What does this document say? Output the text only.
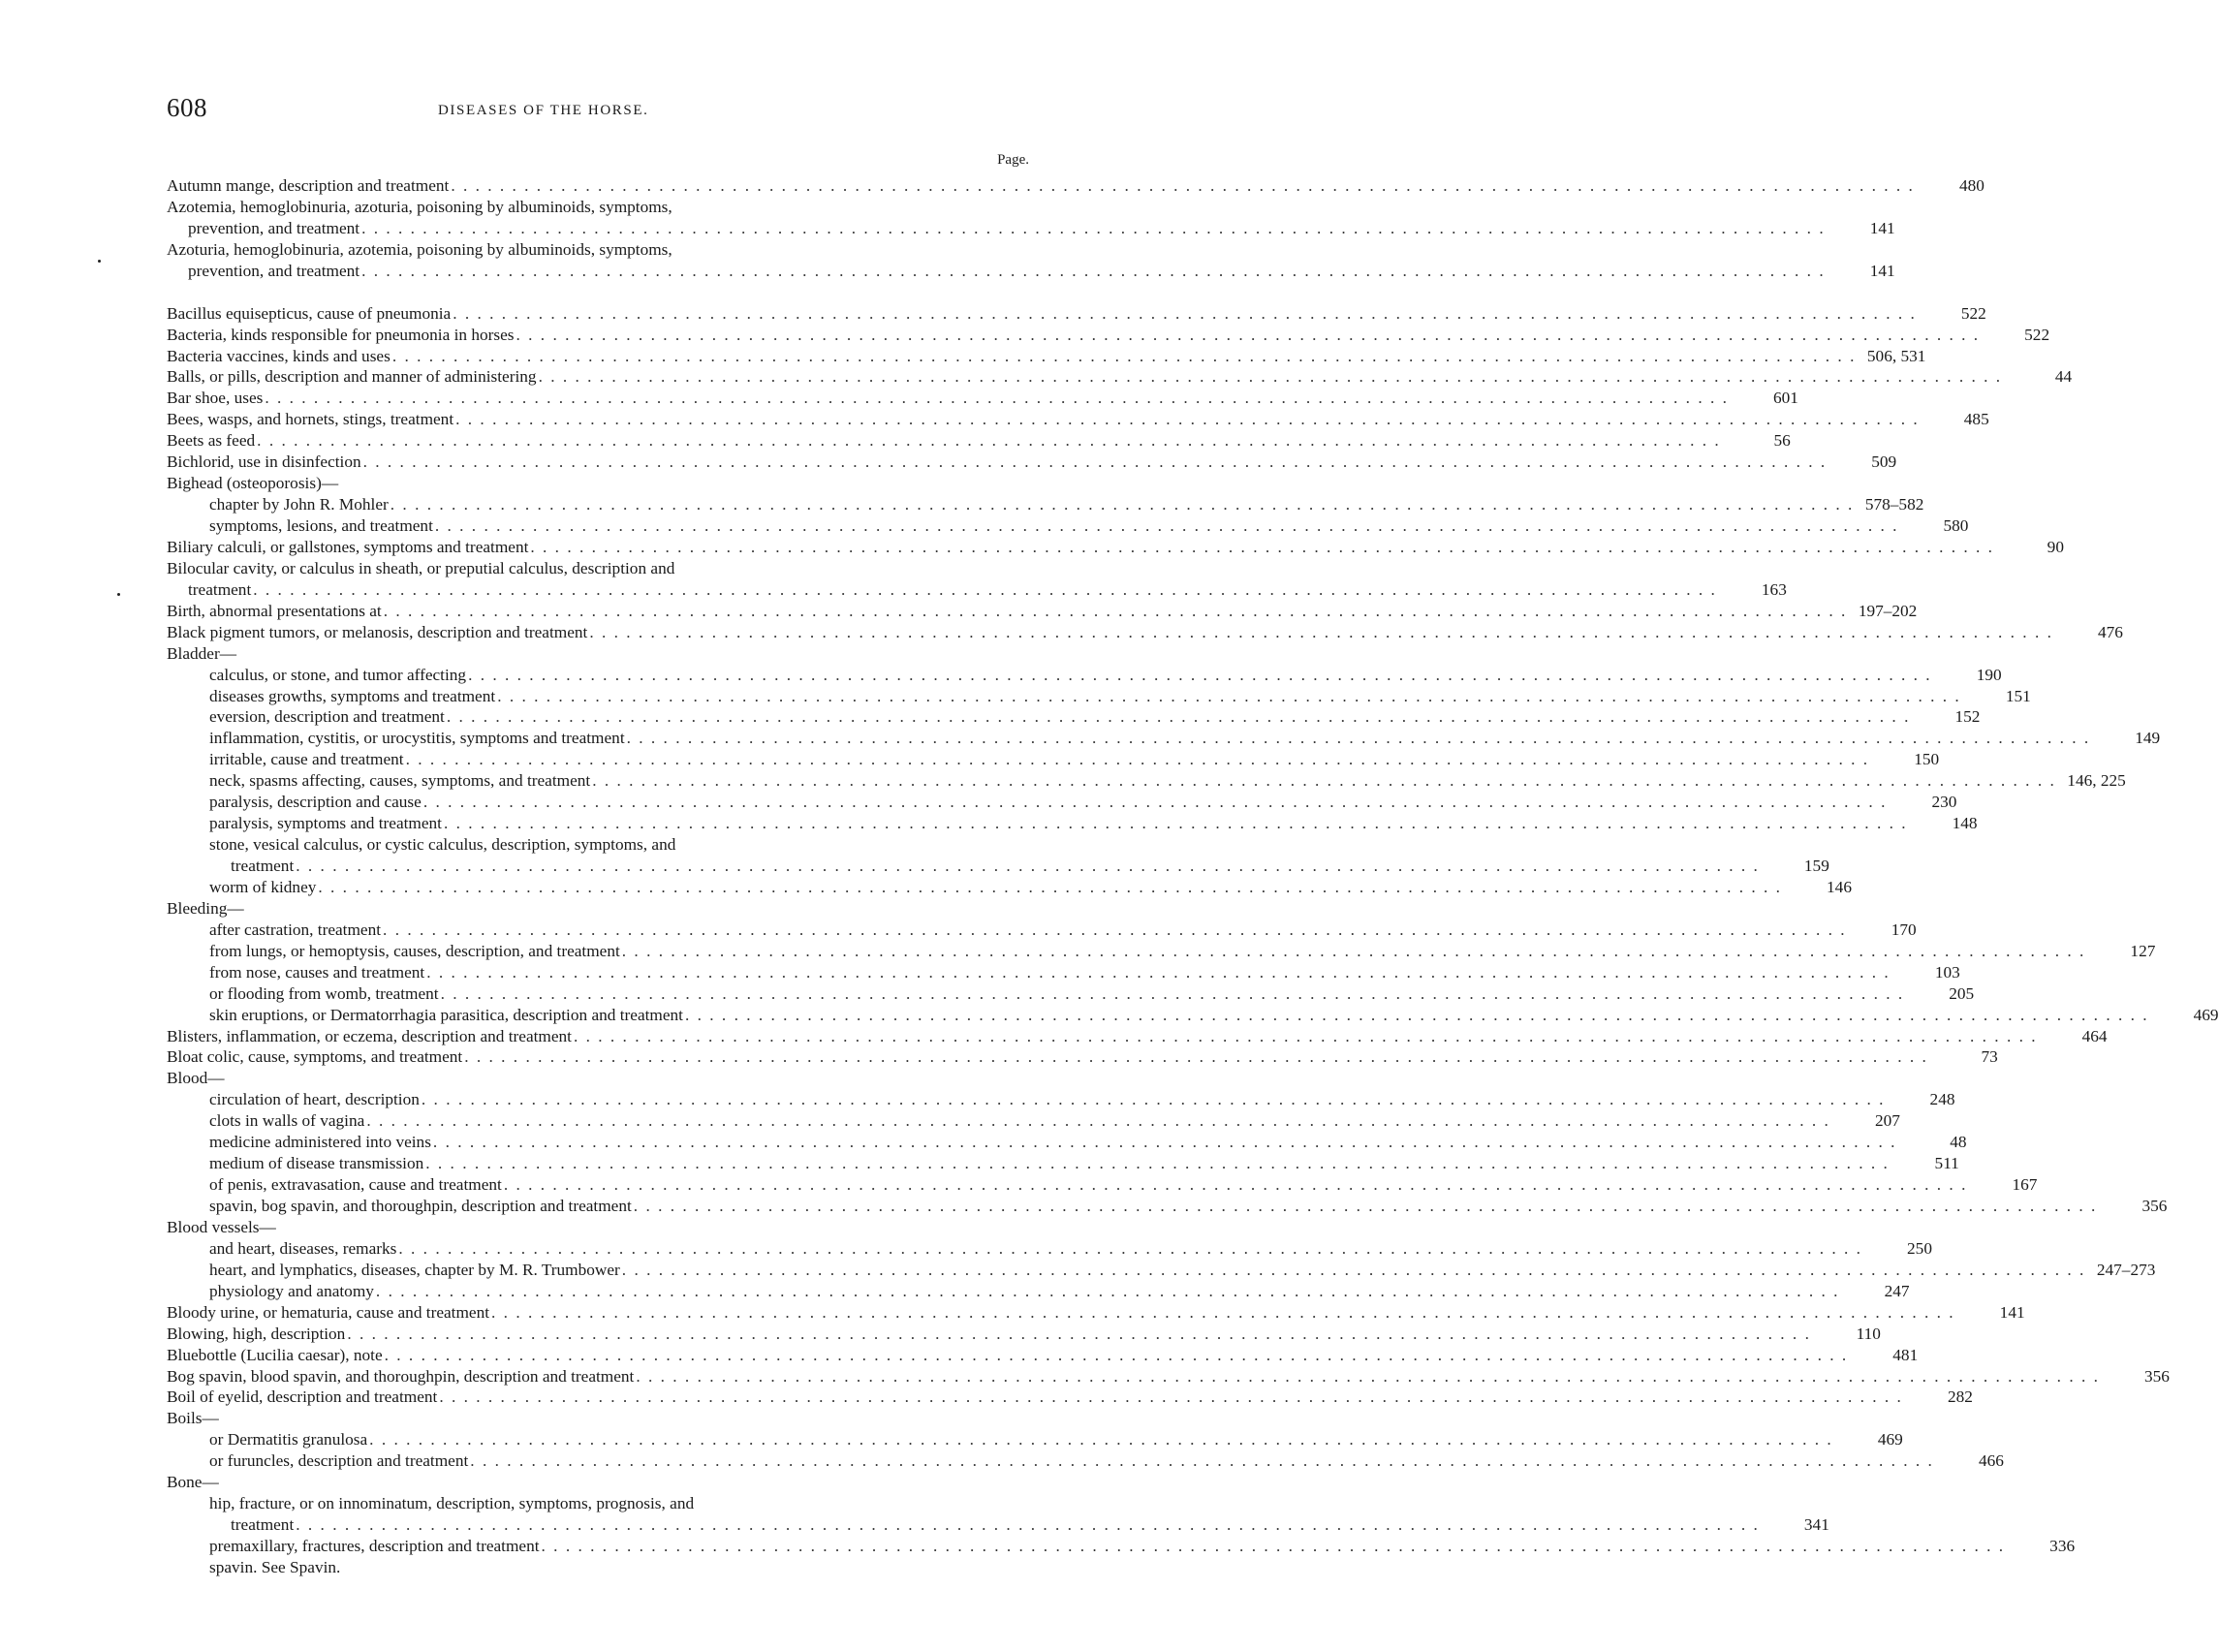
608	DISEASES OF THE HORSE.
Page.
Autumn mange, description and treatment . . . . . . . . . . . . . . . . . . . . . . . . . . . . . . . . . . . . . . . . . . . . . . . . . . . . . . . . . . . . . . . . . . . . . . . . . . . . . . . . . . . . . . . . . . . . . . . . . . . . . . . . . . . . . . . . . . . . . . . .	480
Azotemia, hemoglobinuria, azoturia, poisoning by albuminoids, symptoms,
prevention, and treatment . . . . . . . . . . . . . . . . . . . . . . . . . . . . . . . . . . . . . . . . . . . . . . . . . . . . . . . . . . . . . . . . . . . . . . . . . . . . . . . . . . . . . . . . . . . . . . . . . . . . . . . . . . . . . . . . . . . . . . . .	141
Azoturia, hemoglobinuria, azotemia, poisoning by albuminoids, symptoms,
prevention, and treatment . . . . . . . . . . . . . . . . . . . . . . . . . . . . . . . . . . . . . . . . . . . . . . . . . . . . . . . . . . . . . . . . . . . . . . . . . . . . . . . . . . . . . . . . . . . . . . . . . . . . . . . . . . . . . . . . . . . . . . . .	141
Bacillus equisepticus, cause of pneumonia . . . . . . . . . . . . . . . . . . . . . . . . . . . . . . . . . . . . . . . . . . . . . . . . . . . . . . . . . . . . . . . . . . . . . . . . . . . . . . . . . . . . . . . . . . . . . . . . . . . . . . . . . . . . . . . . . . . . . . . .	522
Bacteria, kinds responsible for pneumonia in horses . . . . . . . . . . . . . . . . . . . . . . . . . . . . . . . . . . . . . . . . . . . . . . . . . . . . . . . . . . . . . . . . . . . . . . . . . . . . . . . . . . . . . . . . . . . . . . . . . . . . . . . . . . . . . . . . . . . . . . . .	522
Bacteria vaccines, kinds and uses . . . . . . . . . . . . . . . . . . . . . . . . . . . . . . . . . . . . . . . . . . . . . . . . . . . . . . . . . . . . . . . . . . . . . . . . . . . . . . . . . . . . . . . . . . . . . . . . . . . . . . . . . . . . . . . . . . . . . . . . 506, 531
Balls, or pills, description and manner of administering . . . . . . . . . . . . . . . . . . . . . . . . . . . . . . . . . . . . . . . . . . . . . . . . . . . . . . . . . . . . . . . . . . . . . . . . . . . . . . . . . . . . . . . . . . . . . . . . . . . . . . . . . . . . . . . . . . . . . . . .	44
Bar shoe, uses . . . . . . . . . . . . . . . . . . . . . . . . . . . . . . . . . . . . . . . . . . . . . . . . . . . . . . . . . . . . . . . . . . . . . . . . . . . . . . . . . . . . . . . . . . . . . . . . . . . . . . . . . . . . . . . . . . . . . . . .	601
Bees, wasps, and hornets, stings, treatment . . . . . . . . . . . . . . . . . . . . . . . . . . . . . . . . . . . . . . . . . . . . . . . . . . . . . . . . . . . . . . . . . . . . . . . . . . . . . . . . . . . . . . . . . . . . . . . . . . . . . . . . . . . . . . . . . . . . . . . .	485
Beets as feed . . . . . . . . . . . . . . . . . . . . . . . . . . . . . . . . . . . . . . . . . . . . . . . . . . . . . . . . . . . . . . . . . . . . . . . . . . . . . . . . . . . . . . . . . . . . . . . . . . . . . . . . . . . . . . . . . . . . . . . .	56
Bichlorid, use in disinfection . . . . . . . . . . . . . . . . . . . . . . . . . . . . . . . . . . . . . . . . . . . . . . . . . . . . . . . . . . . . . . . . . . . . . . . . . . . . . . . . . . . . . . . . . . . . . . . . . . . . . . . . . . . . . . . . . . . . . . . .	509
Bighead (osteoporosis)—
chapter by John R. Mohler . . . . . . . . . . . . . . . . . . . . . . . . . . . . . . . . . . . . . . . . . . . . . . . . . . . . . . . . . . . . . . . . . . . . . . . . . . . . . . . . . . . . . . . . . . . . . . . . . . . . . . . . . . . . . . . . . . . . . . . . 578–582
symptoms, lesions, and treatment . . . . . . . . . . . . . . . . . . . . . . . . . . . . . . . . . . . . . . . . . . . . . . . . . . . . . . . . . . . . . . . . . . . . . . . . . . . . . . . . . . . . . . . . . . . . . . . . . . . . . . . . . . . . . . . . . . . . . . . .	580
Biliary calculi, or gallstones, symptoms and treatment . . . . . . . . . . . . . . . . . . . . . . . . . . . . . . . . . . . . . . . . . . . . . . . . . . . . . . . . . . . . . . . . . . . . . . . . . . . . . . . . . . . . . . . . . . . . . . . . . . . . . . . . . . . . . . . . . . . . . . . .	90
Bilocular cavity, or calculus in sheath, or preputial calculus, description and
treatment . . . . . . . . . . . . . . . . . . . . . . . . . . . . . . . . . . . . . . . . . . . . . . . . . . . . . . . . . . . . . . . . . . . . . . . . . . . . . . . . . . . . . . . . . . . . . . . . . . . . . . . . . . . . . . . . . . . . . . . .	163
Birth, abnormal presentations at . . . . . . . . . . . . . . . . . . . . . . . . . . . . . . . . . . . . . . . . . . . . . . . . . . . . . . . . . . . . . . . . . . . . . . . . . . . . . . . . . . . . . . . . . . . . . . . . . . . . . . . . . . . . . . . . . . . . . . . . 197–202
Black pigment tumors, or melanosis, description and treatment . . . . . . . . . . . . . . . . . . . . . . . . . . . . . . . . . . . . . . . . . . . . . . . . . . . . . . . . . . . . . . . . . . . . . . . . . . . . . . . . . . . . . . . . . . . . . . . . . . . . . . . . . . . . . . . . . . . . . . . .	476
Bladder—
calculus, or stone, and tumor affecting . . . . . . . . . . . . . . . . . . . . . . . . . . . . . . . . . . . . . . . . . . . . . . . . . . . . . . . . . . . . . . . . . . . . . . . . . . . . . . . . . . . . . . . . . . . . . . . . . . . . . . . . . . . . . . . . . . . . . . . .	190
diseases growths, symptoms and treatment . . . . . . . . . . . . . . . . . . . . . . . . . . . . . . . . . . . . . . . . . . . . . . . . . . . . . . . . . . . . . . . . . . . . . . . . . . . . . . . . . . . . . . . . . . . . . . . . . . . . . . . . . . . . . . . . . . . . . . . .	151
eversion, description and treatment . . . . . . . . . . . . . . . . . . . . . . . . . . . . . . . . . . . . . . . . . . . . . . . . . . . . . . . . . . . . . . . . . . . . . . . . . . . . . . . . . . . . . . . . . . . . . . . . . . . . . . . . . . . . . . . . . . . . . . . .	152
inflammation, cystitis, or urocystitis, symptoms and treatment . . . . . . . . . . . . . . . . . . . . . . . . . . . . . . . . . . . . . . . . . . . . . . . . . . . . . . . . . . . . . . . . . . . . . . . . . . . . . . . . . . . . . . . . . . . . . . . . . . . . . . . . . . . . . . . . . . . . . . . .	149
irritable, cause and treatment . . . . . . . . . . . . . . . . . . . . . . . . . . . . . . . . . . . . . . . . . . . . . . . . . . . . . . . . . . . . . . . . . . . . . . . . . . . . . . . . . . . . . . . . . . . . . . . . . . . . . . . . . . . . . . . . . . . . . . . .	150
neck, spasms affecting, causes, symptoms, and treatment . . . . . . . . . . . . . . . . . . . . . . . . . . . . . . . . . . . . . . . . . . . . . . . . . . . . . . . . . . . . . . . . . . . . . . . . . . . . . . . . . . . . . . . . . . . . . . . . . . . . . . . . . . . . . . . . . . . . . . . . 146, 225
paralysis, description and cause . . . . . . . . . . . . . . . . . . . . . . . . . . . . . . . . . . . . . . . . . . . . . . . . . . . . . . . . . . . . . . . . . . . . . . . . . . . . . . . . . . . . . . . . . . . . . . . . . . . . . . . . . . . . . . . . . . . . . . . .	230
paralysis, symptoms and treatment . . . . . . . . . . . . . . . . . . . . . . . . . . . . . . . . . . . . . . . . . . . . . . . . . . . . . . . . . . . . . . . . . . . . . . . . . . . . . . . . . . . . . . . . . . . . . . . . . . . . . . . . . . . . . . . . . . . . . . . .	148
stone, vesical calculus, or cystic calculus, description, symptoms, and
treatment . . . . . . . . . . . . . . . . . . . . . . . . . . . . . . . . . . . . . . . . . . . . . . . . . . . . . . . . . . . . . . . . . . . . . . . . . . . . . . . . . . . . . . . . . . . . . . . . . . . . . . . . . . . . . . . . . . . . . . . .	159
worm of kidney . . . . . . . . . . . . . . . . . . . . . . . . . . . . . . . . . . . . . . . . . . . . . . . . . . . . . . . . . . . . . . . . . . . . . . . . . . . . . . . . . . . . . . . . . . . . . . . . . . . . . . . . . . . . . . . . . . . . . . . .	146
Bleeding—
after castration, treatment . . . . . . . . . . . . . . . . . . . . . . . . . . . . . . . . . . . . . . . . . . . . . . . . . . . . . . . . . . . . . . . . . . . . . . . . . . . . . . . . . . . . . . . . . . . . . . . . . . . . . . . . . . . . . . . . . . . . . . . .	170
from lungs, or hemoptysis, causes, description, and treatment . . . . . . . . . . . . . . . . . . . . . . . . . . . . . . . . . . . . . . . . . . . . . . . . . . . . . . . . . . . . . . . . . . . . . . . . . . . . . . . . . . . . . . . . . . . . . . . . . . . . . . . . . . . . . . . . . . . . . . . .	127
from nose, causes and treatment . . . . . . . . . . . . . . . . . . . . . . . . . . . . . . . . . . . . . . . . . . . . . . . . . . . . . . . . . . . . . . . . . . . . . . . . . . . . . . . . . . . . . . . . . . . . . . . . . . . . . . . . . . . . . . . . . . . . . . . .	103
or flooding from womb, treatment . . . . . . . . . . . . . . . . . . . . . . . . . . . . . . . . . . . . . . . . . . . . . . . . . . . . . . . . . . . . . . . . . . . . . . . . . . . . . . . . . . . . . . . . . . . . . . . . . . . . . . . . . . . . . . . . . . . . . . . .	205
skin eruptions, or Dermatorrhagia parasitica, description and treatment . . . . . . . . . . . . . . . . . . . . . . . . . . . . . . . . . . . . . . . . . . . . . . . . . . . . . . . . . . . . . . . . . . . . . . . . . . . . . . . . . . . . . . . . . . . . . . . . . . . . . . . . . . . . . . . . . . . . . . . .	469
Blisters, inflammation, or eczema, description and treatment . . . . . . . . . . . . . . . . . . . . . . . . . . . . . . . . . . . . . . . . . . . . . . . . . . . . . . . . . . . . . . . . . . . . . . . . . . . . . . . . . . . . . . . . . . . . . . . . . . . . . . . . . . . . . . . . . . . . . . . .	464
Bloat colic, cause, symptoms, and treatment . . . . . . . . . . . . . . . . . . . . . . . . . . . . . . . . . . . . . . . . . . . . . . . . . . . . . . . . . . . . . . . . . . . . . . . . . . . . . . . . . . . . . . . . . . . . . . . . . . . . . . . . . . . . . . . . . . . . . . . .	73
Blood—
circulation of heart, description . . . . . . . . . . . . . . . . . . . . . . . . . . . . . . . . . . . . . . . . . . . . . . . . . . . . . . . . . . . . . . . . . . . . . . . . . . . . . . . . . . . . . . . . . . . . . . . . . . . . . . . . . . . . . . . . . . . . . . . .	248
clots in walls of vagina . . . . . . . . . . . . . . . . . . . . . . . . . . . . . . . . . . . . . . . . . . . . . . . . . . . . . . . . . . . . . . . . . . . . . . . . . . . . . . . . . . . . . . . . . . . . . . . . . . . . . . . . . . . . . . . . . . . . . . . .	207
medicine administered into veins . . . . . . . . . . . . . . . . . . . . . . . . . . . . . . . . . . . . . . . . . . . . . . . . . . . . . . . . . . . . . . . . . . . . . . . . . . . . . . . . . . . . . . . . . . . . . . . . . . . . . . . . . . . . . . . . . . . . . . . .	48
medium of disease transmission . . . . . . . . . . . . . . . . . . . . . . . . . . . . . . . . . . . . . . . . . . . . . . . . . . . . . . . . . . . . . . . . . . . . . . . . . . . . . . . . . . . . . . . . . . . . . . . . . . . . . . . . . . . . . . . . . . . . . . . .	511
of penis, extravasation, cause and treatment . . . . . . . . . . . . . . . . . . . . . . . . . . . . . . . . . . . . . . . . . . . . . . . . . . . . . . . . . . . . . . . . . . . . . . . . . . . . . . . . . . . . . . . . . . . . . . . . . . . . . . . . . . . . . . . . . . . . . . . .	167
spavin, bog spavin, and thoroughpin, description and treatment . . . . . . . . . . . . . . . . . . . . . . . . . . . . . . . . . . . . . . . . . . . . . . . . . . . . . . . . . . . . . . . . . . . . . . . . . . . . . . . . . . . . . . . . . . . . . . . . . . . . . . . . . . . . . . . . . . . . . . . .	356
Blood vessels—
and heart, diseases, remarks . . . . . . . . . . . . . . . . . . . . . . . . . . . . . . . . . . . . . . . . . . . . . . . . . . . . . . . . . . . . . . . . . . . . . . . . . . . . . . . . . . . . . . . . . . . . . . . . . . . . . . . . . . . . . . . . . . . . . . . .	250
heart, and lymphatics, diseases, chapter by M. R. Trumbower . . . . . . . . . . . . . . . . . . . . . . . . . . . . . . . . . . . . . . . . . . . . . . . . . . . . . . . . . . . . . . . . . . . . . . . . . . . . . . . . . . . . . . . . . . . . . . . . . . . . . . . . . . . . . . . . . . . . . . . . 247–273
physiology and anatomy . . . . . . . . . . . . . . . . . . . . . . . . . . . . . . . . . . . . . . . . . . . . . . . . . . . . . . . . . . . . . . . . . . . . . . . . . . . . . . . . . . . . . . . . . . . . . . . . . . . . . . . . . . . . . . . . . . . . . . . .	247
Bloody urine, or hematuria, cause and treatment . . . . . . . . . . . . . . . . . . . . . . . . . . . . . . . . . . . . . . . . . . . . . . . . . . . . . . . . . . . . . . . . . . . . . . . . . . . . . . . . . . . . . . . . . . . . . . . . . . . . . . . . . . . . . . . . . . . . . . . .	141
Blowing, high, description . . . . . . . . . . . . . . . . . . . . . . . . . . . . . . . . . . . . . . . . . . . . . . . . . . . . . . . . . . . . . . . . . . . . . . . . . . . . . . . . . . . . . . . . . . . . . . . . . . . . . . . . . . . . . . . . . . . . . . . .	110
Bluebottle (Lucilia caesar), note . . . . . . . . . . . . . . . . . . . . . . . . . . . . . . . . . . . . . . . . . . . . . . . . . . . . . . . . . . . . . . . . . . . . . . . . . . . . . . . . . . . . . . . . . . . . . . . . . . . . . . . . . . . . . . . . . . . . . . . .	481
Bog spavin, blood spavin, and thoroughpin, description and treatment . . . . . . . . . . . . . . . . . . . . . . . . . . . . . . . . . . . . . . . . . . . . . . . . . . . . . . . . . . . . . . . . . . . . . . . . . . . . . . . . . . . . . . . . . . . . . . . . . . . . . . . . . . . . . . . . . . . . . . . .	356
Boil of eyelid, description and treatment . . . . . . . . . . . . . . . . . . . . . . . . . . . . . . . . . . . . . . . . . . . . . . . . . . . . . . . . . . . . . . . . . . . . . . . . . . . . . . . . . . . . . . . . . . . . . . . . . . . . . . . . . . . . . . . . . . . . . . . .	282
Boils—
or Dermatitis granulosa . . . . . . . . . . . . . . . . . . . . . . . . . . . . . . . . . . . . . . . . . . . . . . . . . . . . . . . . . . . . . . . . . . . . . . . . . . . . . . . . . . . . . . . . . . . . . . . . . . . . . . . . . . . . . . . . . . . . . . . .	469
or furuncles, description and treatment . . . . . . . . . . . . . . . . . . . . . . . . . . . . . . . . . . . . . . . . . . . . . . . . . . . . . . . . . . . . . . . . . . . . . . . . . . . . . . . . . . . . . . . . . . . . . . . . . . . . . . . . . . . . . . . . . . . . . . . .	466
Bone—
hip, fracture, or on innominatum, description, symptoms, prognosis, and
treatment . . . . . . . . . . . . . . . . . . . . . . . . . . . . . . . . . . . . . . . . . . . . . . . . . . . . . . . . . . . . . . . . . . . . . . . . . . . . . . . . . . . . . . . . . . . . . . . . . . . . . . . . . . . . . . . . . . . . . . . .	341
premaxillary, fractures, description and treatment . . . . . . . . . . . . . . . . . . . . . . . . . . . . . . . . . . . . . . . . . . . . . . . . . . . . . . . . . . . . . . . . . . . . . . . . . . . . . . . . . . . . . . . . . . . . . . . . . . . . . . . . . . . . . . . . . . . . . . . .	336
spavin. See Spavin.
